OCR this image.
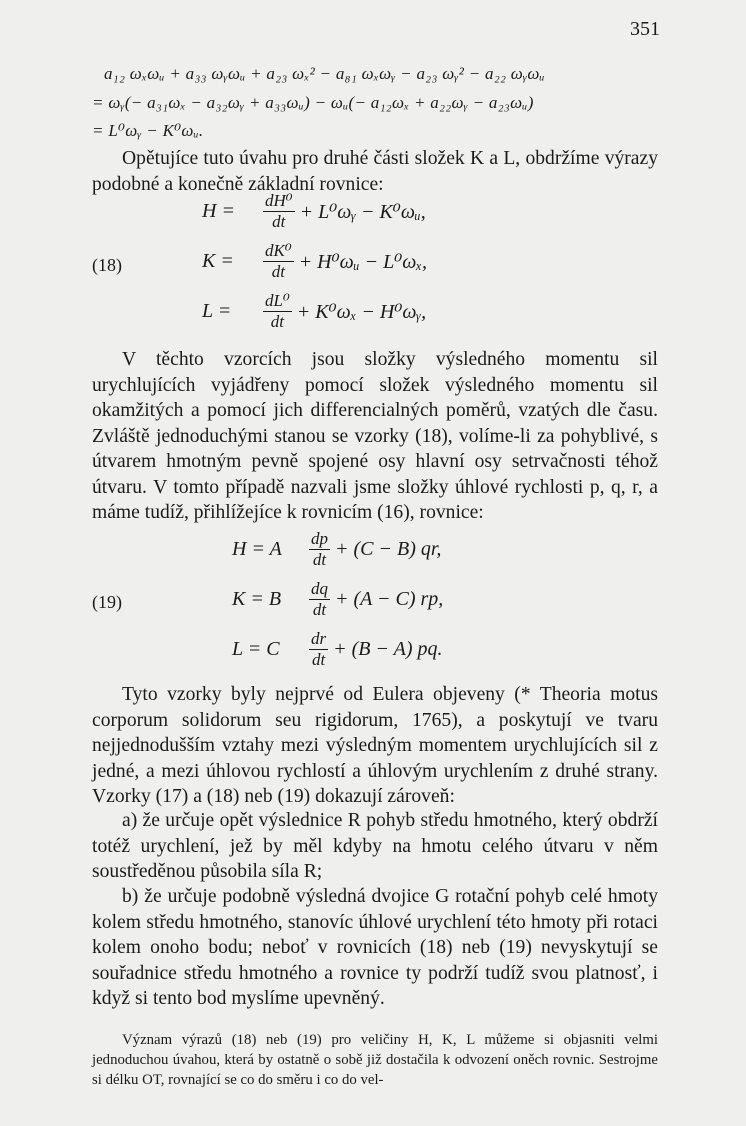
351
a₁₂ ωₓωᵤ + a₃₃ ωᵧωᵤ + a₂₃ ωₓ² − a₈₁ ωₓωᵧ − a₂₃ ωᵧ² − a₂₂ ωᵧωᵤ
= ωᵧ(− a₃₁ωₓ − a₃₂ωᵧ + a₃₃ωᵤ) − ωᵤ(− a₁₂ωₓ + a₂₂ωᵧ − a₂₃ωᵤ)
= L⁰ωᵧ − K⁰ωᵤ.
Opětujíce tuto úvahu pro druhé části složek K a L, obdržíme výrazy podobné a konečně základní rovnice:
(18)
H =	$\frac{\text{dH⁰}}{dt}$ + L⁰ωᵧ − K⁰ωᵤ,
K =	$\frac{\text{dK⁰}}{dt}$ + H⁰ωᵤ − L⁰ωₓ,
L =	$\frac{\text{dL⁰}}{dt} + K^0\omega_x$ − H⁰ωᵧ,
V těchto vzorcích jsou složky výsledného momentu sil urychlujících vyjádřeny pomocí složek výsledného momentu sil okamžitých a pomocí jich differencialných poměrů, vzatých dle času. Zvláště jednoduchými stanou se vzorky (18), volíme-li za pohyblivé, s útvarem hmotným pevně spojené osy hlavní osy setrvačnosti téhož útvaru. V tomto případě nazvali jsme složky úhlové rychlosti p, q, r, a máme tudíž, přihlížejíce k rovnicím (16), rovnice:
(19)
H = A	$\frac{dp}{dt} + (C - B)$ qr,
K = B	$\frac{dq}{dt} + (A - C)$ rp,
L = C	$\frac{dr}{dt} + (B - A)$ pq.
Tyto vzorky byly nejprvé od Eulera objeveny (* Theoria motus corporum solidorum seu rigidorum, 1765), a poskytují ve tvaru nejjednodušším vztahy mezi výsledným momentem urychlujících sil z jedné, a mezi úhlovou rychlostí a úhlovým urychlením z druhé strany. Vzorky (17) a (18) neb (19) dokazují zároveň:
a) že určuje opět výslednice R pohyb středu hmotného, který obdrží totéž urychlení, jež by měl kdyby na hmotu celého útvaru v něm soustředěnou působila síla R;
b) že určuje podobně výsledná dvojice G rotační pohyb celé hmoty kolem středu hmotného, stanovíc úhlové urychlení této hmoty při rotaci kolem onoho bodu; neboť v rovnicích (18) neb (19) nevyskytují se souřadnice středu hmotného a rovnice ty podrží tudíž svou platnosť, i když si tento bod myslíme upevněný.
Význam výrazů (18) neb (19) pro veličiny H, K, L můžeme si objasniti velmi jednoduchou úvahou, která by ostatně o sobě již dostačila k odvození oněch rovnic. Sestrojme si délku OT, rovnající se co do směru i co do vel-
